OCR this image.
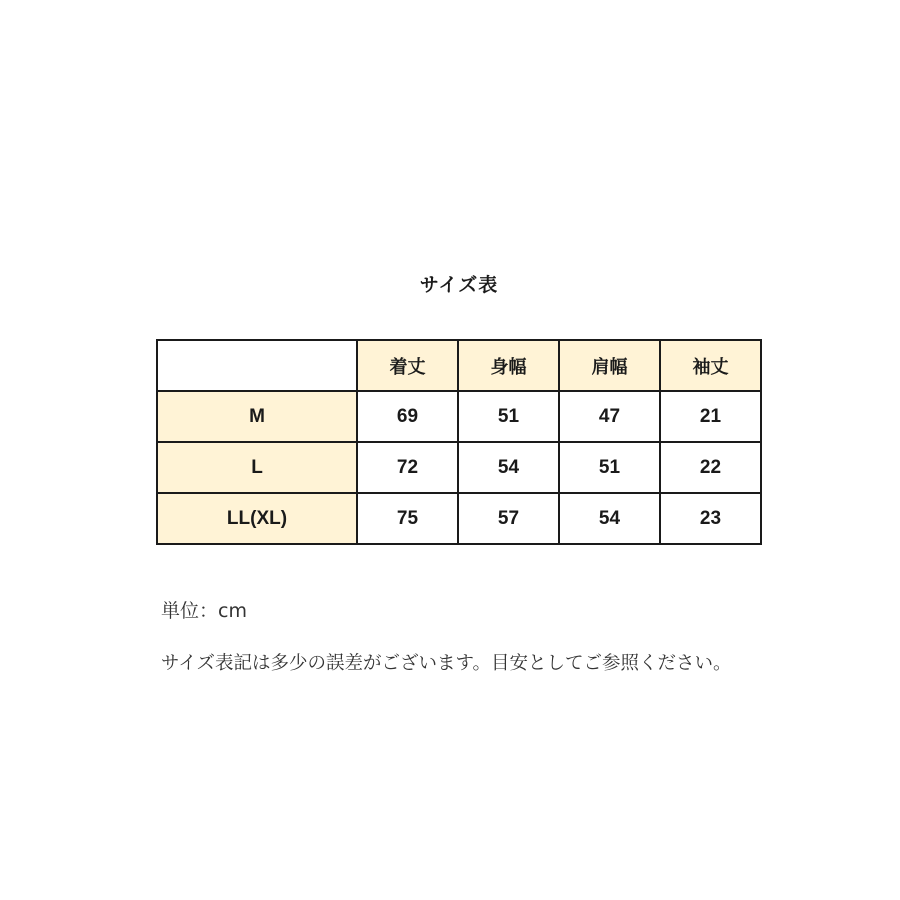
サイズ表
	着丈	身幅	肩幅	袖丈
M	69	51	47	21
L	72	54	51	22
LL(XL)	75	57	54	23
単位：cm
サイズ表記は多少の誤差がございます。目安としてご参照ください。
